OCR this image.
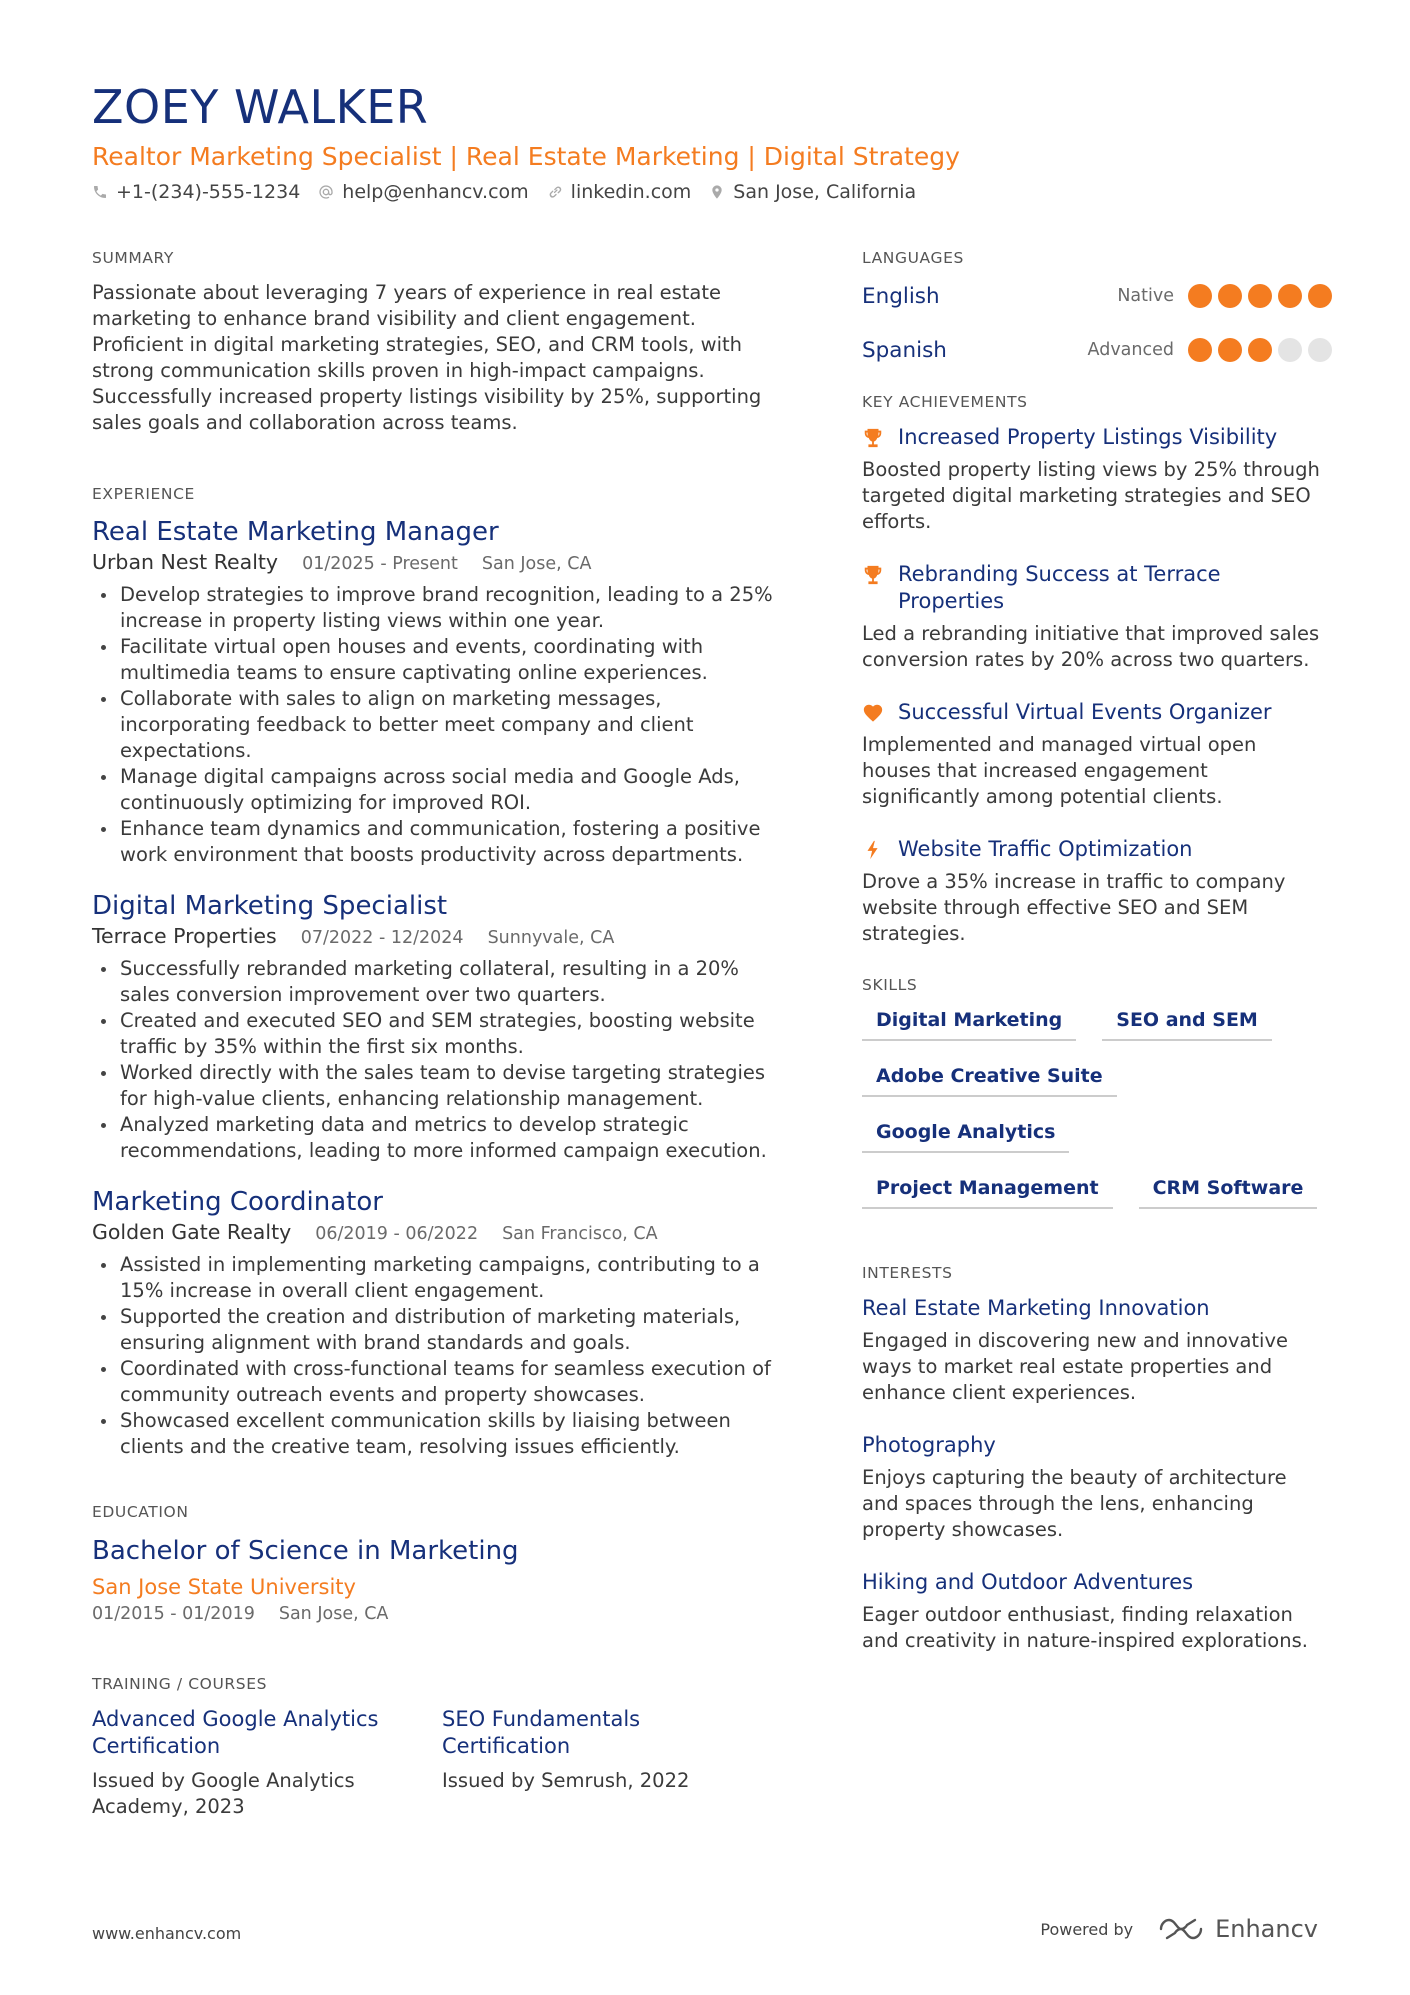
ZOEY WALKER
Realtor Marketing Specialist | Real Estate Marketing | Digital Strategy
+1-(234)-555-1234 help@enhancv.com linkedin.com San Jose, California
SUMMARY

Passionate about leveraging 7 years of experience in real estate marketing to enhance brand visibility and client engagement. Proficient in digital marketing strategies, SEO, and CRM tools, with strong communication skills proven in high-impact campaigns. Successfully increased property listings visibility by 25%, supporting sales goals and collaboration across teams.

EXPERIENCE
Real Estate Marketing Manager
Urban Nest Realty 01/2025 - Present San Jose, CA
Develop strategies to improve brand recognition, leading to a 25% increase in property listing views within one year.
Facilitate virtual open houses and events, coordinating with multimedia teams to ensure captivating online experiences.
Collaborate with sales to align on marketing messages, incorporating feedback to better meet company and client expectations.
Manage digital campaigns across social media and Google Ads, continuously optimizing for improved ROI.
Enhance team dynamics and communication, fostering a positive work environment that boosts productivity across departments.
Digital Marketing Specialist
Terrace Properties 07/2022 - 12/2024 Sunnyvale, CA
Successfully rebranded marketing collateral, resulting in a 20% sales conversion improvement over two quarters.
Created and executed SEO and SEM strategies, boosting website traffic by 35% within the first six months.
Worked directly with the sales team to devise targeting strategies for high-value clients, enhancing relationship management.
Analyzed marketing data and metrics to develop strategic recommendations, leading to more informed campaign execution.
Marketing Coordinator
Golden Gate Realty 06/2019 - 06/2022 San Francisco, CA
Assisted in implementing marketing campaigns, contributing to a 15% increase in overall client engagement.
Supported the creation and distribution of marketing materials, ensuring alignment with brand standards and goals.
Coordinated with cross-functional teams for seamless execution of community outreach events and property showcases.
Showcased excellent communication skills by liaising between clients and the creative team, resolving issues efficiently.
EDUCATION
Bachelor of Science in Marketing
San Jose State University
01/2015 - 01/2019 San Jose, CA
TRAINING / COURSES
Advanced Google Analytics Certification
Issued by Google Analytics Academy, 2023
SEO Fundamentals Certification
Issued by Semrush, 2022
LANGUAGES
English	Native
Spanish	Advanced
KEY ACHIEVEMENTS
Increased Property Listings Visibility
Boosted property listing views by 25% through targeted digital marketing strategies and SEO efforts.
Rebranding Success at Terrace Properties
Led a rebranding initiative that improved sales conversion rates by 20% across two quarters.
Successful Virtual Events Organizer
Implemented and managed virtual open houses that increased engagement significantly among potential clients.
Website Traffic Optimization
Drove a 35% increase in traffic to company website through effective SEO and SEM strategies.
SKILLS
Digital Marketing	SEO and SEM
Adobe Creative Suite
Google Analytics
Project Management	CRM Software
INTERESTS
Real Estate Marketing Innovation
Engaged in discovering new and innovative ways to market real estate properties and enhance client experiences.
Photography
Enjoys capturing the beauty of architecture and spaces through the lens, enhancing property showcases.
Hiking and Outdoor Adventures
Eager outdoor enthusiast, finding relaxation and creativity in nature-inspired explorations.
www.enhancv.com	Powered by	Enhancv
